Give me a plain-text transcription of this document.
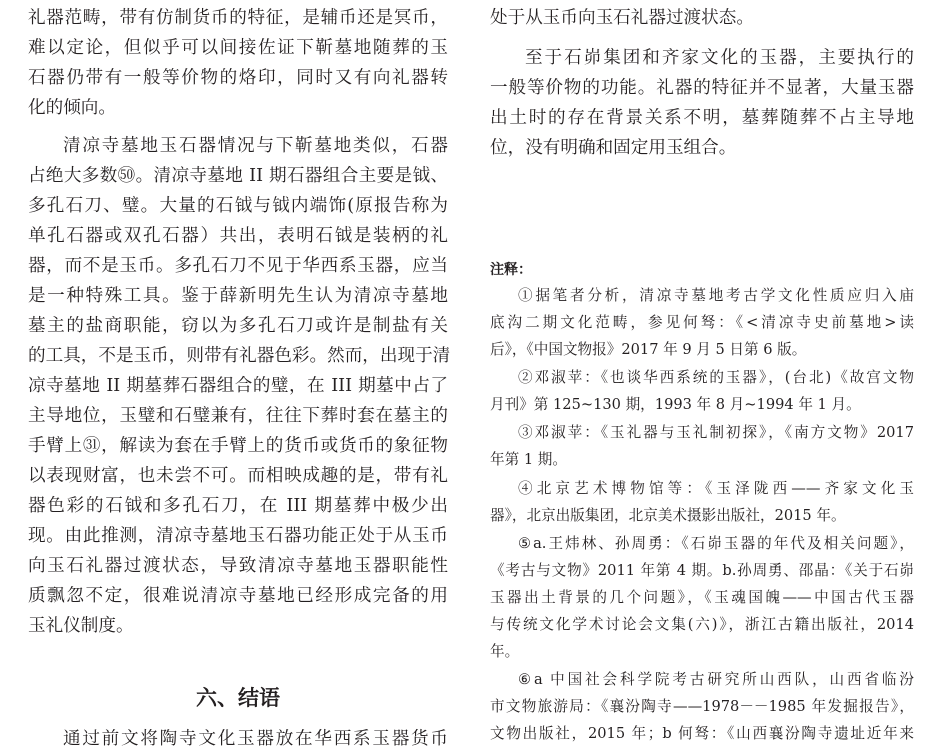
礼器范畴，带有仿制货币的特征，是辅币还是冥币，
难以定论，但似乎可以间接佐证下靳墓地随葬的玉
石器仍带有一般等价物的烙印，同时又有向礼器转
化的倾向。
清凉寺墓地玉石器情况与下靳墓地类似，石器
占绝大多数㊿。清凉寺墓地 II 期石器组合主要是钺、
多孔石刀、璧。大量的石钺与钺内端饰(原报告称为
单孔石器或双孔石器）共出，表明石钺是装柄的礼
器，而不是玉币。多孔石刀不见于华西系玉器，应当
是一种特殊工具。鉴于薛新明先生认为清凉寺墓地
墓主的盐商职能，窃以为多孔石刀或许是制盐有关
的工具，不是玉币，则带有礼器色彩。然而，出现于清
凉寺墓地 II 期墓葬石器组合的璧，在 III 期墓中占了
主导地位，玉璧和石璧兼有，往往下葬时套在墓主的
手臂上㉛，解读为套在手臂上的货币或货币的象征物
以表现财富，也未尝不可。而相映成趣的是，带有礼
器色彩的石钺和多孔石刀，在 III 期墓葬中极少出
现。由此推测，清凉寺墓地玉石器功能正处于从玉币
向玉石礼器过渡状态，导致清凉寺墓地玉器职能性
质飘忽不定，很难说清凉寺墓地已经形成完备的用
玉礼仪制度。
六、结语
通过前文将陶寺文化玉器放在华西系玉器货币
处于从玉币向玉石礼器过渡状态。
至于石峁集团和齐家文化的玉器，主要执行的
一般等价物的功能。礼器的特征并不显著，大量玉器
出土时的存在背景关系不明，墓葬随葬不占主导地
位，没有明确和固定用玉组合。
注释：
①据笔者分析，清凉寺墓地考古学文化性质应归入庙
底沟二期文化范畴，参见何驽：《<清凉寺史前墓地>读
后》，《中国文物报》2017 年 9 月 5 日第 6 版。
②邓淑苹：《也谈华西系统的玉器》，(台北)《故宫文物
月刊》第 125~130 期，1993 年 8 月~1994 年 1 月。
③邓淑苹：《玉礼器与玉礼制初探》，《南方文物》2017
年第 1 期。
④北京艺术博物馆等：《玉泽陇西——齐家文化玉
器》，北京出版集团，北京美术摄影出版社，2015 年。
⑤a.王炜林、孙周勇：《石峁玉器的年代及相关问题》，
《考古与文物》2011 年第 4 期。b.孙周勇、邵晶：《关于石峁
玉器出土背景的几个问题》，《玉魂国魄——中国古代玉器
与传统文化学术讨论会文集(六)》，浙江古籍出版社，2014
年。
⑥a 中国社会科学院考古研究所山西队，山西省临汾
市文物旅游局：《襄汾陶寺——1978－－1985 年发掘报告》，
文物出版社，2015 年；b 何驽：《山西襄汾陶寺遗址近年来
